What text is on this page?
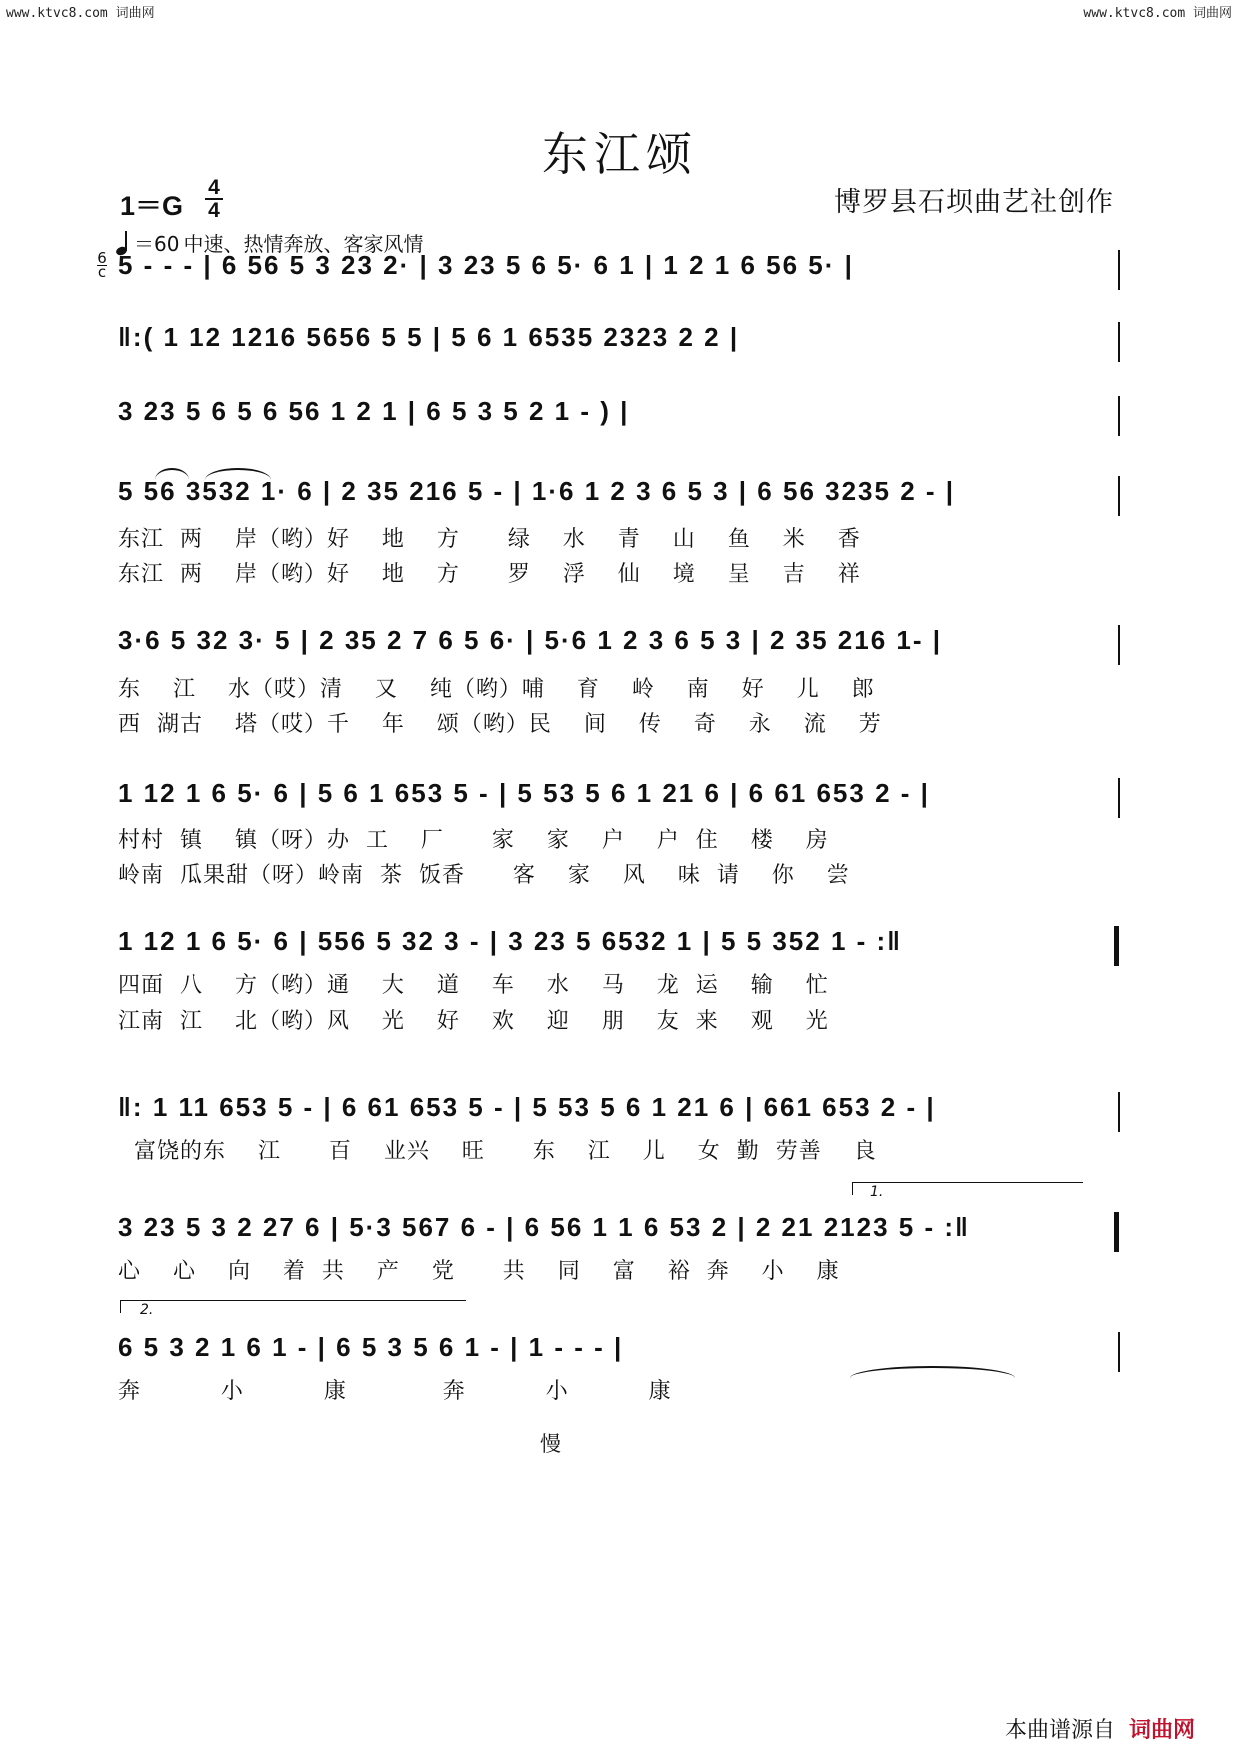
www.ktvc8.com 词曲网	www.ktvc8.com 词曲网
东江颂
博罗县石坝曲艺社创作
1＝G
4
4
＝60 中速、热情奔放、客家风情
6
c 5 - - - | 6 56 5 3 23 2· | 3 23 5 6 5· 6 1 | 1 2 1 6 56 5· |
‖:( 1 12 1216 5656 5 5 | 5 6 1 6535 2323 2 2 |
3 23 5 6 5 6 56 1 2 1 | 6 5 3 5 2 1 - ) |
5 56 3532 1· 6 | 2 35 216 5 - | 1·6 1 2 3 6 5 3 | 6 56 3235 2 - |
东江  两    岸（哟）好    地    方      绿    水    青    山    鱼    米    香
东江  两    岸（哟）好    地    方      罗    浮    仙    境    呈    吉    祥
3·6 5 32 3· 5 | 2 35 2 7 6 5 6· | 5·6 1 2 3 6 5 3 | 2 35 216 1- |
东    江    水（哎）清    又    纯（哟）哺    育    岭    南    好    儿    郎
西  湖古    塔（哎）千    年    颂（哟）民    间    传    奇    永    流    芳
1 12 1 6 5· 6 | 5 6 1 653 5 - | 5 53 5 6 1 21 6 | 6 61 653 2 - |
村村  镇    镇（呀）办  工    厂      家    家    户    户  住    楼    房
岭南  瓜果甜（呀）岭南  茶  饭香      客    家    风    味  请    你    尝
1 12 1 6 5· 6 | 556 5 32 3 - | 3 23 5 6532 1 | 5 5 352 1 - :‖
四面  八    方（哟）通    大    道    车    水    马    龙  运    输    忙
江南  江    北（哟）风    光    好    欢    迎    朋    友  来    观    光
‖: 1 11 653 5 - | 6 61 653 5 - | 5 53 5 6 1 21 6 | 661 653 2 - |
富饶的东    江      百    业兴    旺      东    江    儿    女  勤  劳善    良
1.
3 23 5 3 2 27 6 | 5·3 567 6 - | 6 56 1 1 6 53 2 | 2 21 2123 5 - :‖
心    心    向    着  共    产    党      共    同    富    裕  奔    小    康
2.
慢
6 5 3 2 1 6 1 - | 6 5 3 5 6 1 - | 1 - - - |
奔          小          康            奔          小          康
本曲谱源自 词曲网
